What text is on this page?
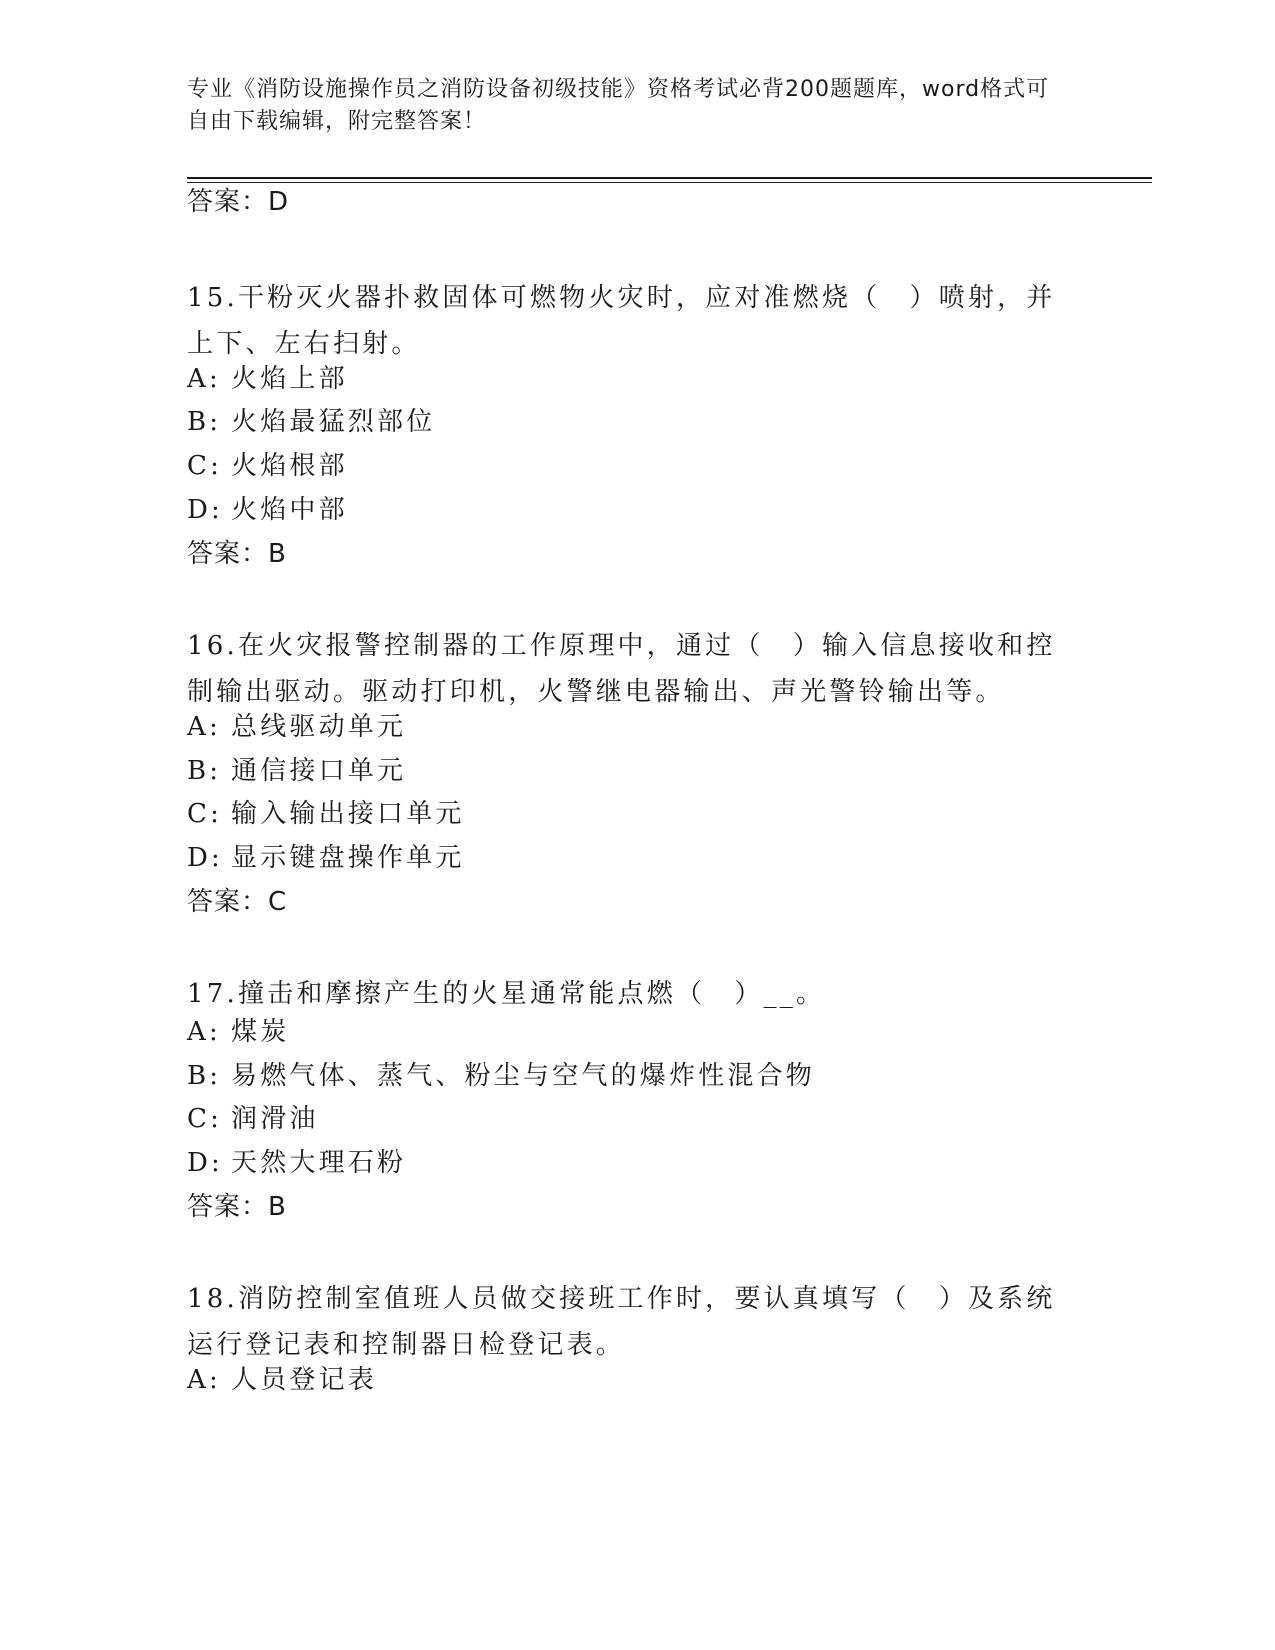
专业《消防设施操作员之消防设备初级技能》资格考试必背200题题库，word格式可自由下载编辑，附完整答案！
答案：D
15.干粉灭火器扑救固体可燃物火灾时，应对准燃烧（　）喷射，并上下、左右扫射。
A: 火焰上部
B: 火焰最猛烈部位
C: 火焰根部
D: 火焰中部
答案：B
16.在火灾报警控制器的工作原理中，通过（　）输入信息接收和控制输出驱动。驱动打印机，火警继电器输出、声光警铃输出等。
A: 总线驱动单元
B: 通信接口单元
C: 输入输出接口单元
D: 显示键盘操作单元
答案：C
17.撞击和摩擦产生的火星通常能点燃（　）__。
A: 煤炭
B: 易燃气体、蒸气、粉尘与空气的爆炸性混合物
C: 润滑油
D: 天然大理石粉
答案：B
18.消防控制室值班人员做交接班工作时，要认真填写（　）及系统运行登记表和控制器日检登记表。
A: 人员登记表
